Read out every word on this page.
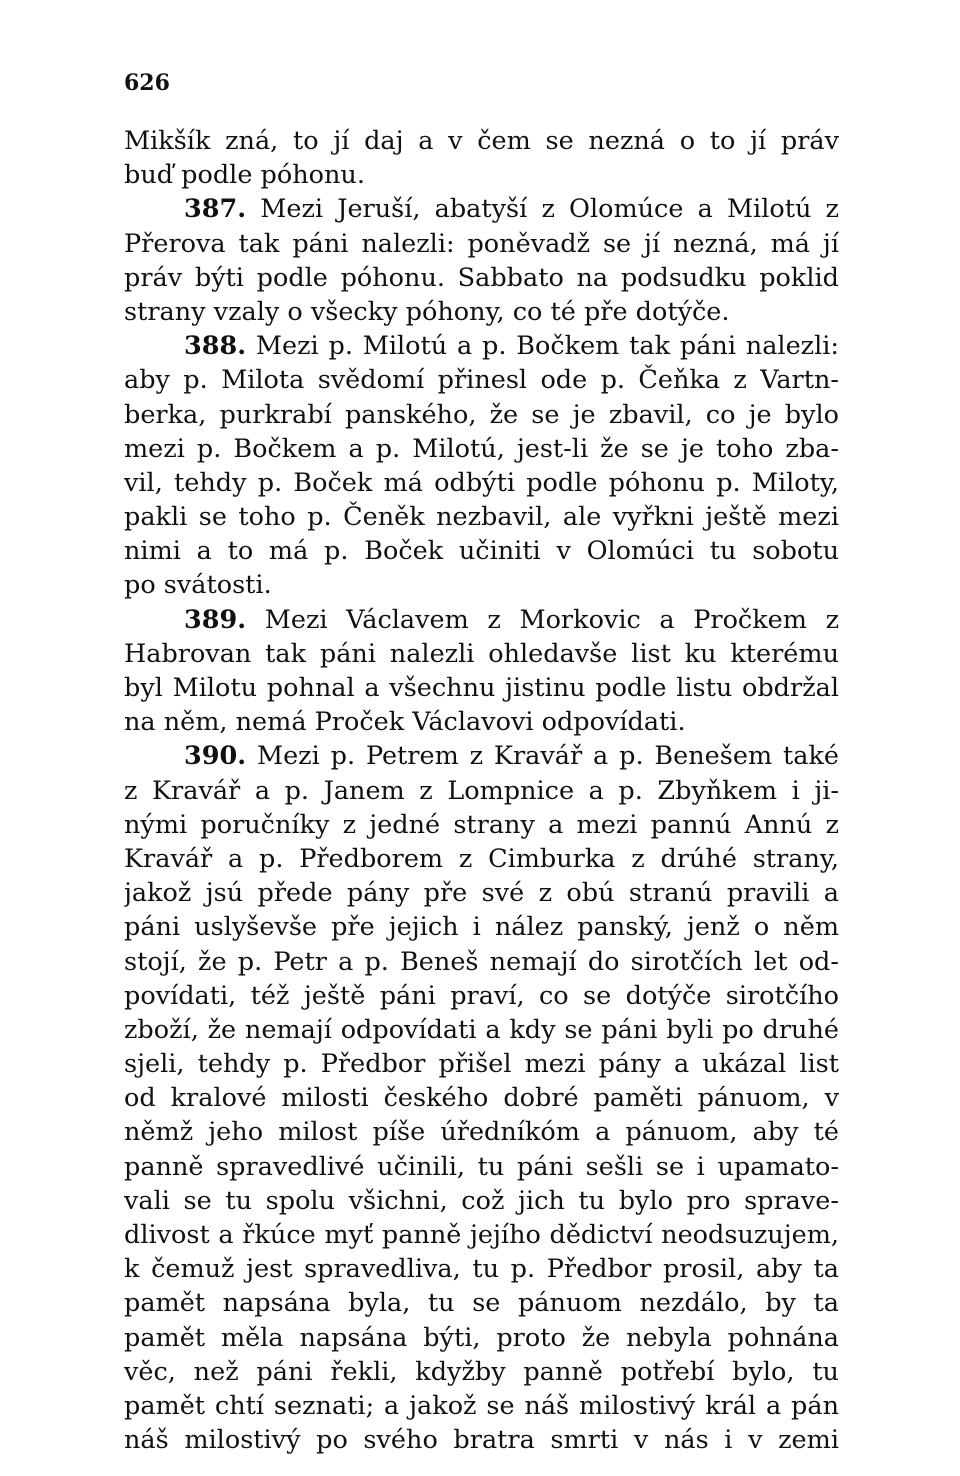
626
Mikšík zná, to jí daj a v čem se nezná o to jí práv
buď podle póhonu.
387. Mezi Jeruší, abatyší z Olomúce a Milotú z
Přerova tak páni nalezli: poněvadž se jí nezná, má jí
práv býti podle póhonu. Sabbato na podsudku poklid
strany vzaly o všecky póhony, co té pře dotýče.
388. Mezi p. Milotú a p. Bočkem tak páni nalezli:
aby p. Milota svědomí přinesl ode p. Čeňka z Vartn-
berka, purkrabí panského, že se je zbavil, co je bylo
mezi p. Bočkem a p. Milotú, jest-li že se je toho zba-
vil, tehdy p. Boček má odbýti podle póhonu p. Miloty,
pakli se toho p. Čeněk nezbavil, ale vyřkni ještě mezi
nimi a to má p. Boček učiniti v Olomúci tu sobotu
po svátosti.
389. Mezi Václavem z Morkovic a Pročkem z
Habrovan tak páni nalezli ohledavše list ku kterému
byl Milotu pohnal a všechnu jistinu podle listu obdržal
na něm, nemá Proček Václavovi odpovídati.
390. Mezi p. Petrem z Kravář a p. Benešem také
z Kravář a p. Janem z Lompnice a p. Zbyňkem i ji-
nými poručníky z jedné strany a mezi pannú Annú z
Kravář a p. Předborem z Cimburka z drúhé strany,
jakož jsú přede pány pře své z obú stranú pravili a
páni uslyševše pře jejich i nález panský, jenž o něm
stojí, že p. Petr a p. Beneš nemají do sirotčích let od-
povídati, též ještě páni praví, co se dotýče sirotčího
zboží, že nemají odpovídati a kdy se páni byli po druhé
sjeli, tehdy p. Předbor přišel mezi pány a ukázal list
od kralové milosti českého dobré paměti pánuom, v
němž jeho milost píše úředníkóm a pánuom, aby té
panně spravedlivé učinili, tu páni sešli se i upamato-
vali se tu spolu všichni, což jich tu bylo pro sprave-
dlivost a řkúce myť panně jejího dědictví neodsuzujem,
k čemuž jest spravedliva, tu p. Předbor prosil, aby ta
pamět napsána byla, tu se pánuom nezdálo, by ta
pamět měla napsána býti, proto že nebyla pohnána
věc, než páni řekli, kdyžby panně potřebí bylo, tu
pamět chtí seznati; a jakož se náš milostivý král a pán
náš milostivý po svého bratra smrti v nás i v zemi
